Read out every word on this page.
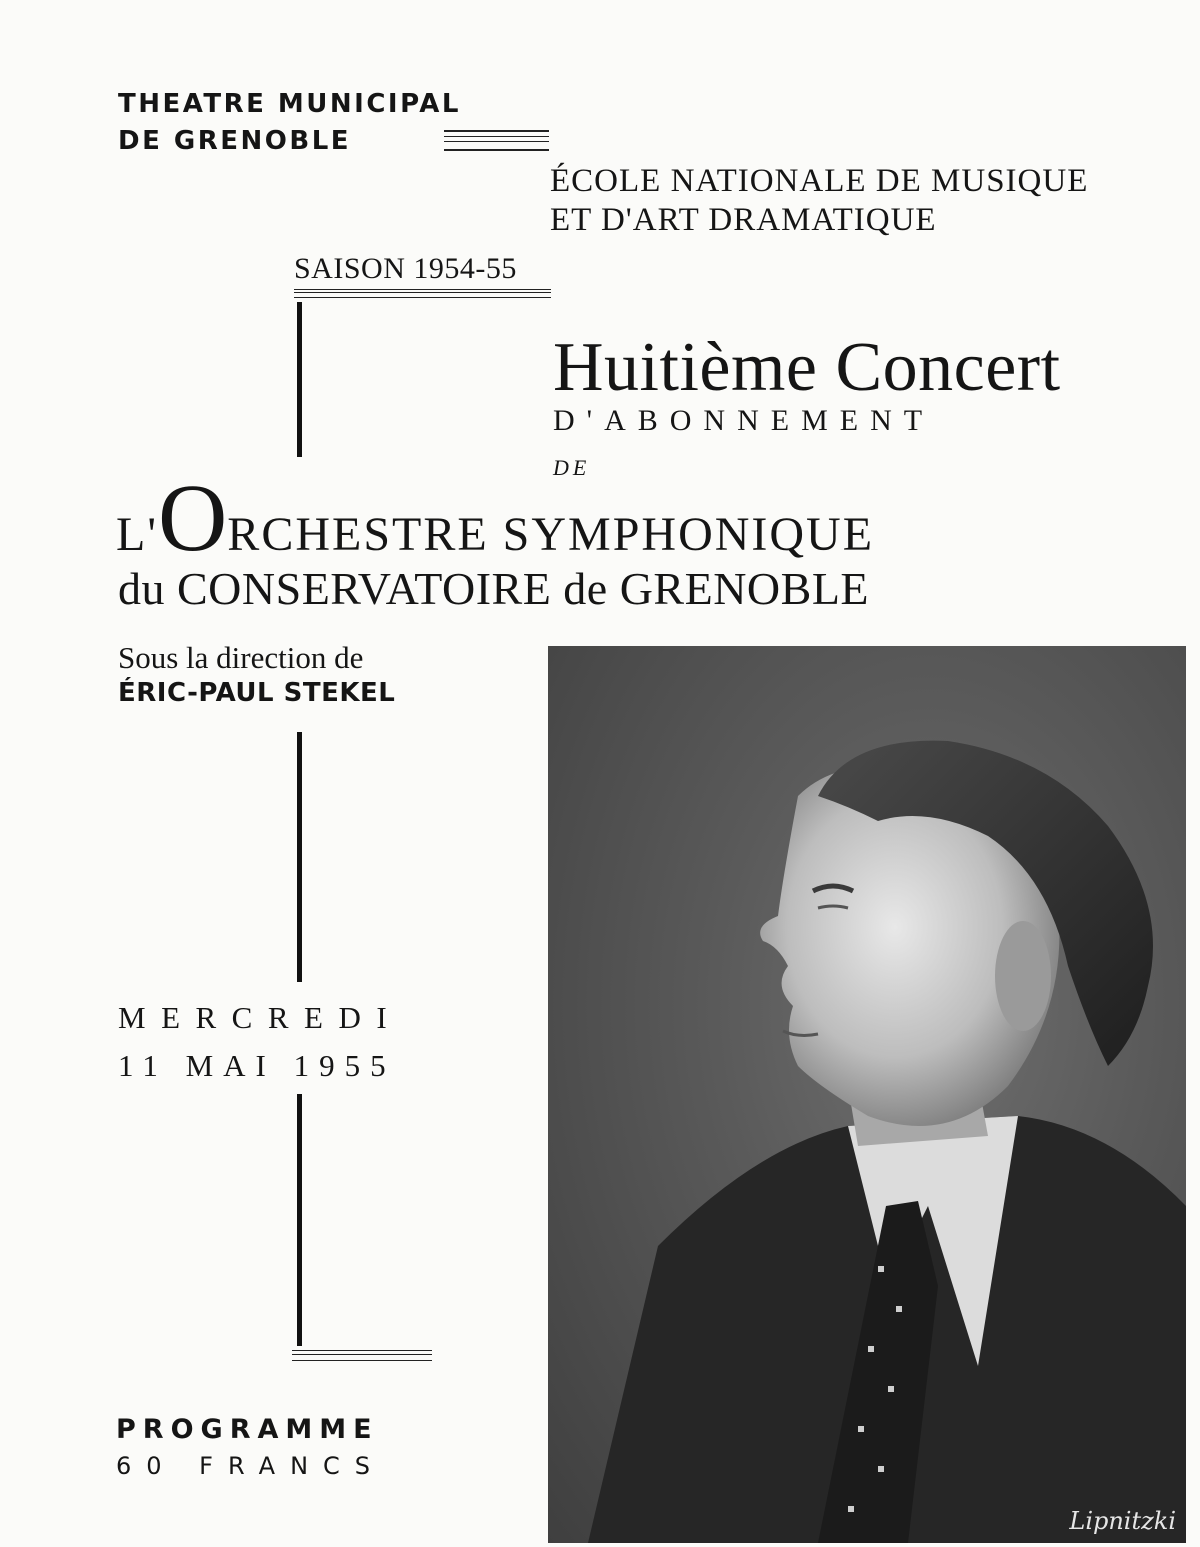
THEATRE MUNICIPAL
DE GRENOBLE
ÉCOLE NATIONALE DE MUSIQUE
ET D'ART DRAMATIQUE
SAISON 1954-55
Huitième Concert
D'ABONNEMENT
DE
L'ORCHESTRE SYMPHONIQUE
du CONSERVATOIRE de GRENOBLE
Sous la direction de
ÉRIC-PAUL STEKEL
MERCREDI
11 MAI 1955
PROGRAMME
60 FRANCS
Lipnitzki
